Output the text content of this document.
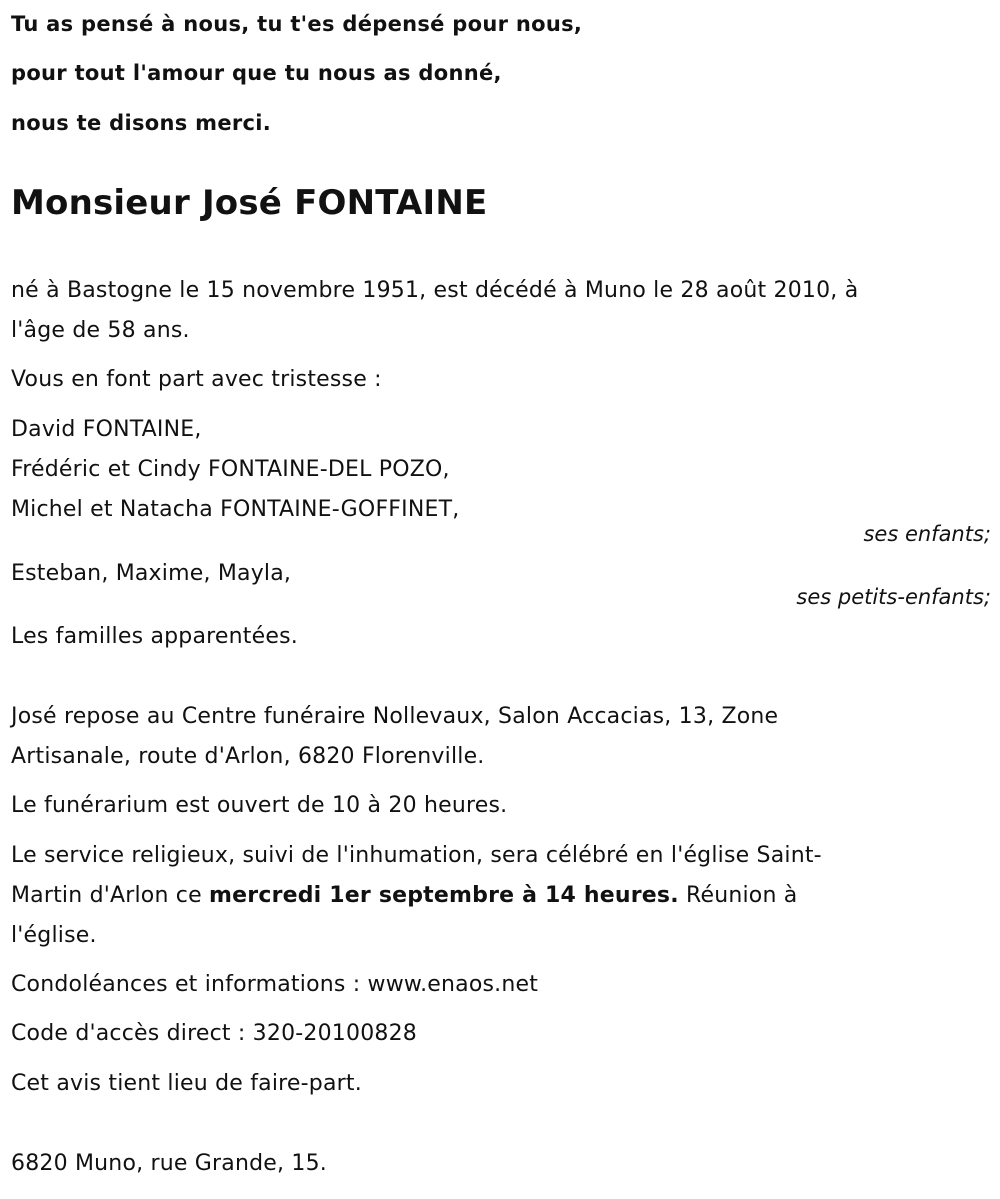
Tu as pensé à nous, tu t'es dépensé pour nous,
pour tout l'amour que tu nous as donné,
nous te disons merci.
Monsieur José FONTAINE
né à Bastogne le 15 novembre 1951, est décédé à Muno le 28 août 2010, à
l'âge de 58 ans.
Vous en font part avec tristesse :
David FONTAINE,
Frédéric et Cindy FONTAINE-DEL POZO,
Michel et Natacha FONTAINE-GOFFINET,
ses enfants;
Esteban, Maxime, Mayla,
ses petits-enfants;
Les familles apparentées.
José repose au Centre funéraire Nollevaux, Salon Accacias, 13, Zone
Artisanale, route d'Arlon, 6820 Florenville.
Le funérarium est ouvert de 10 à 20 heures.
Le service religieux, suivi de l'inhumation, sera célébré en l'église Saint-
Martin d'Arlon ce mercredi 1er septembre à 14 heures. Réunion à
l'église.
Condoléances et informations : www.enaos.net
Code d'accès direct : 320-20100828
Cet avis tient lieu de faire-part.
6820 Muno, rue Grande, 15.
